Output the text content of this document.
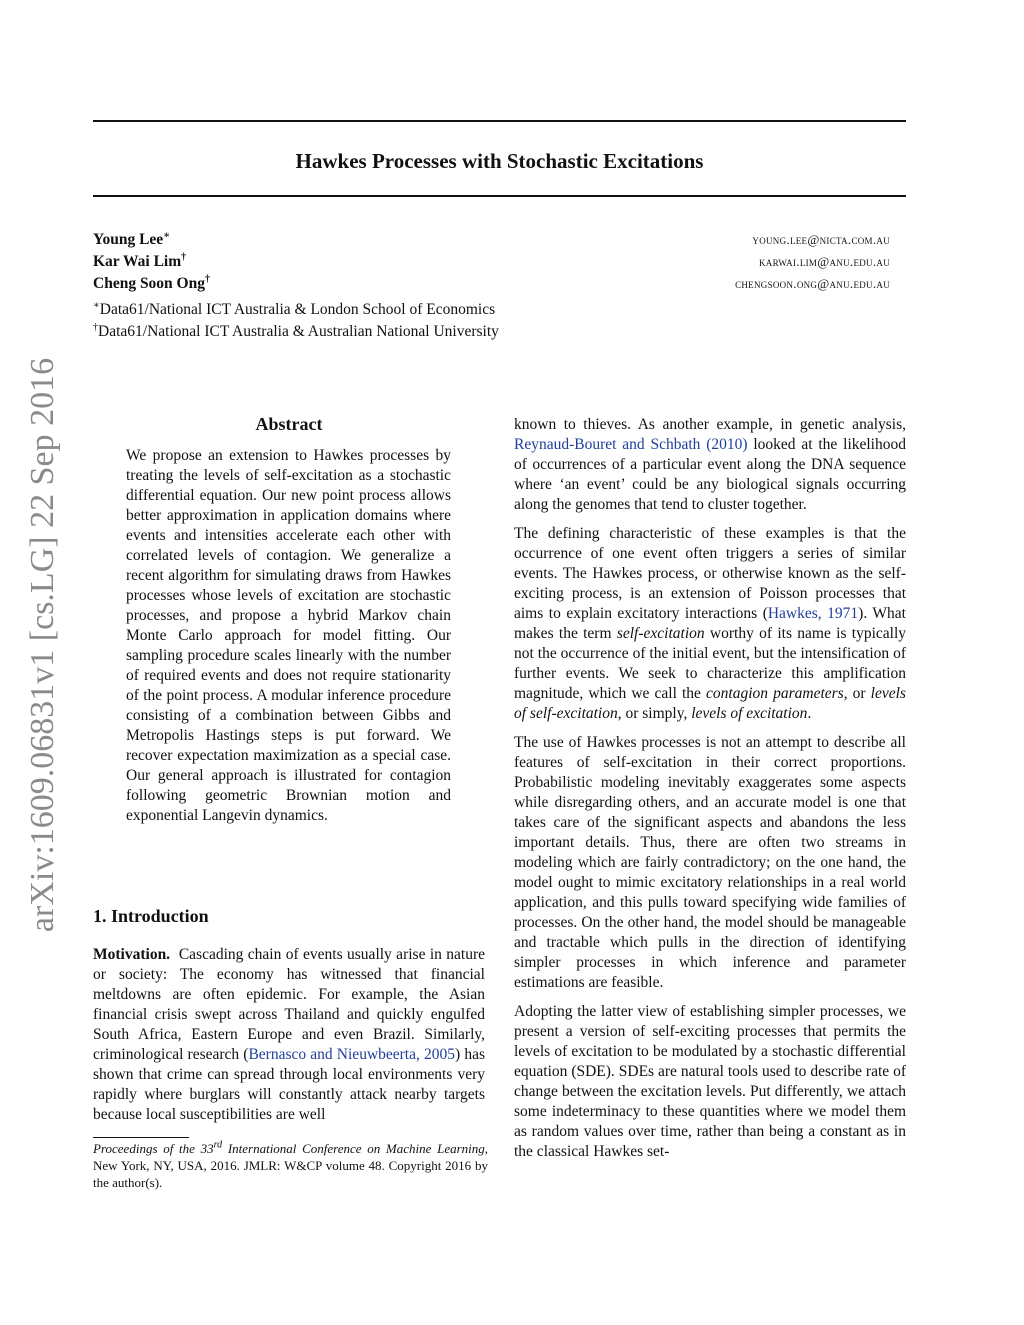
Hawkes Processes with Stochastic Excitations
Young Lee∗	young.lee@nicta.com.au
Kar Wai Lim†	karwai.lim@anu.edu.au
Cheng Soon Ong†	chengsoon.ong@anu.edu.au
∗Data61/National ICT Australia & London School of Economics
†Data61/National ICT Australia & Australian National University
arXiv:1609.06831v1 [cs.LG] 22 Sep 2016	Abstract

We propose an extension to Hawkes processes by treating the levels of self-excitation as a stochastic differential equation. Our new point process allows better approximation in application domains where events and intensities accelerate each other with correlated levels of contagion. We generalize a recent algorithm for simulating draws from Hawkes processes whose levels of excitation are stochastic processes, and propose a hybrid Markov chain Monte Carlo approach for model fitting. Our sampling procedure scales linearly with the number of required events and does not require stationarity of the point process. A modular inference procedure consisting of a combination between Gibbs and Metropolis Hastings steps is put forward. We recover expectation maximization as a special case. Our general approach is illustrated for contagion following geometric Brownian motion and exponential Langevin dynamics.

1. Introduction

Motivation. Cascading chain of events usually arise in nature or society: The economy has witnessed that financial meltdowns are often epidemic. For example, the Asian financial crisis swept across Thailand and quickly engulfed South Africa, Eastern Europe and even Brazil. Similarly, criminological research (Bernasco and Nieuwbeerta, 2005) has shown that crime can spread through local environments very rapidly where burglars will constantly attack nearby targets because local susceptibilities are well

Proceedings of the 33rd International Conference on Machine Learning, New York, NY, USA, 2016. JMLR: W&CP volume 48. Copyright 2016 by the author(s).

known to thieves. As another example, in genetic analysis, Reynaud-Bouret and Schbath (2010) looked at the likelihood of occurrences of a particular event along the DNA sequence where ‘an event’ could be any biological signals occurring along the genomes that tend to cluster together.

The defining characteristic of these examples is that the occurrence of one event often triggers a series of similar events. The Hawkes process, or otherwise known as the self-exciting process, is an extension of Poisson processes that aims to explain excitatory interactions (Hawkes, 1971). What makes the term self-excitation worthy of its name is typically not the occurrence of the initial event, but the intensification of further events. We seek to characterize this amplification magnitude, which we call the contagion parameters, or levels of self-excitation, or simply, levels of excitation.

The use of Hawkes processes is not an attempt to describe all features of self-excitation in their correct proportions. Probabilistic modeling inevitably exaggerates some aspects while disregarding others, and an accurate model is one that takes care of the significant aspects and abandons the less important details. Thus, there are often two streams in modeling which are fairly contradictory; on the one hand, the model ought to mimic excitatory relationships in a real world application, and this pulls toward specifying wide families of processes. On the other hand, the model should be manageable and tractable which pulls in the direction of identifying simpler processes in which inference and parameter estimations are feasible.

Adopting the latter view of establishing simpler processes, we present a version of self-exciting processes that permits the levels of excitation to be modulated by a stochastic differential equation (SDE). SDEs are natural tools used to describe rate of change between the excitation levels. Put differently, we attach some indeterminacy to these quantities where we model them as random values over time, rather than being a constant as in the classical Hawkes set-
